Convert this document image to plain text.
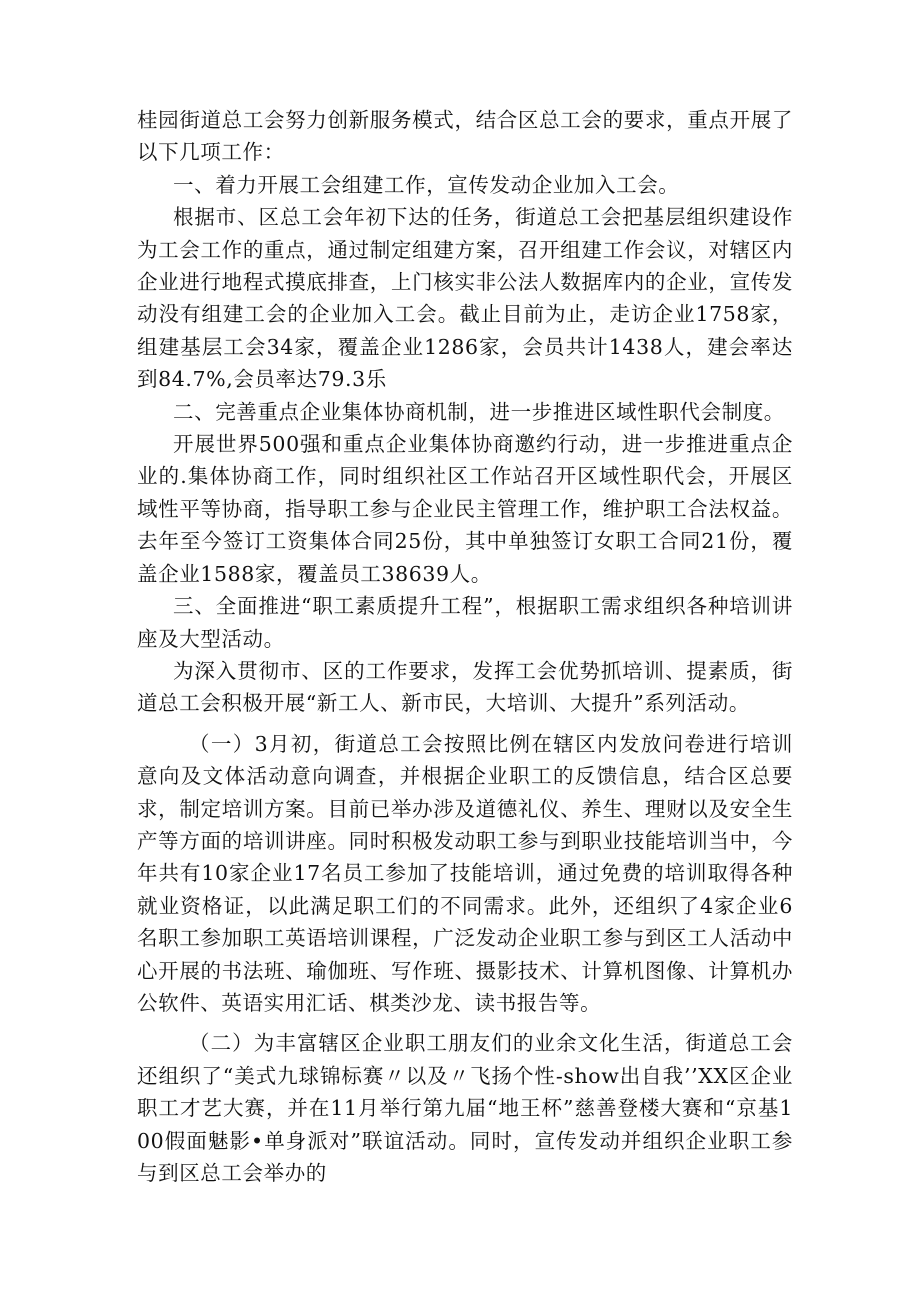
桂园街道总工会努力创新服务模式，结合区总工会的要求，重点开展了以下几项工作：

一、着力开展工会组建工作，宣传发动企业加入工会。

根据市、区总工会年初下达的任务，街道总工会把基层组织建设作为工会工作的重点，通过制定组建方案，召开组建工作会议，对辖区内企业进行地程式摸底排查，上门核实非公法人数据库内的企业，宣传发动没有组建工会的企业加入工会。截止目前为止，走访企业1758家，组建基层工会34家，覆盖企业1286家，会员共计1438人，建会率达到84.7%,会员率达79.3乐

二、完善重点企业集体协商机制，进一步推进区域性职代会制度。

开展世界500强和重点企业集体协商邀约行动，进一步推进重点企业的.集体协商工作，同时组织社区工作站召开区域性职代会，开展区域性平等协商，指导职工参与企业民主管理工作，维护职工合法权益。去年至今签订工资集体合同25份，其中单独签订女职工合同21份，覆盖企业1588家，覆盖员工38639人。

三、全面推进“职工素质提升工程”，根据职工需求组织各种培训讲座及大型活动。

为深入贯彻市、区的工作要求，发挥工会优势抓培训、提素质，街道总工会积极开展“新工人、新市民，大培训、大提升”系列活动。

（一）3月初，街道总工会按照比例在辖区内发放问卷进行培训意向及文体活动意向调查，并根据企业职工的反馈信息，结合区总要求，制定培训方案。目前已举办涉及道德礼仪、养生、理财以及安全生产等方面的培训讲座。同时积极发动职工参与到职业技能培训当中，今年共有10家企业17名员工参加了技能培训，通过免费的培训取得各种就业资格证，以此满足职工们的不同需求。此外，还组织了4家企业6名职工参加职工英语培训课程，广泛发动企业职工参与到区工人活动中心开展的书法班、瑜伽班、写作班、摄影技术、计算机图像、计算机办公软件、英语实用汇话、棋类沙龙、读书报告等。

（二）为丰富辖区企业职工朋友们的业余文化生活，街道总工会还组织了“美式九球锦标赛〃以及〃飞扬个性-show出自我’’XX区企业职工才艺大赛，并在11月举行第九届“地王杯”慈善登楼大赛和“京基100假面魅影•单身派对”联谊活动。同时，宣传发动并组织企业职工参与到区总工会举办的
